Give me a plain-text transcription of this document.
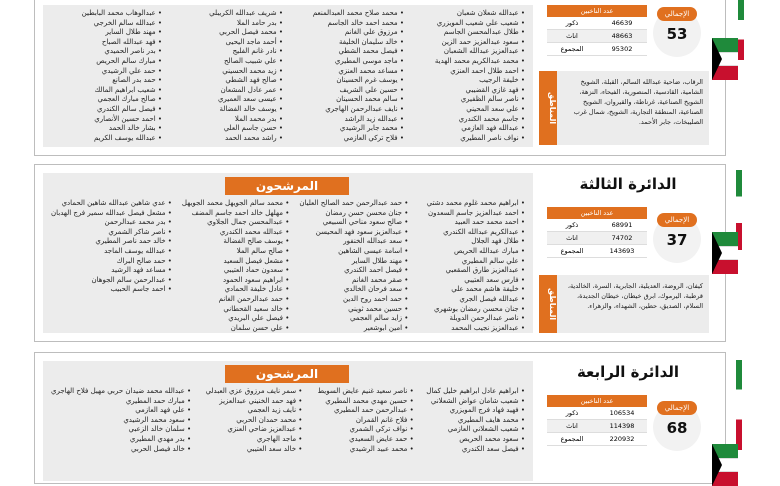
• عبدالله شعلان شعبان
• شعيب علي شعيب المويزري
• طلال عبدالمحسن الجاسم
• سعود عبدالعزيز حمد الزين
• عبدالعزيز عبدالله الشعبان
• محمد عبدالكريم محمد الهدية
• احمد طلال احمد العنزي
• خليفة الرجيب
• فهد غازي القضيبي
• ناصر سالم الظفيري
• علي سعد المحيني
• جاسم محمد الكندري
• عبدالله فهد العازمي
• نواف ناصر المطيري
• محمد صلاح محمد العبدالمنعم
• محمد احمد خالد الجاسم
• مرزوق علي الغانم
• خالد سليمان الخليفة
• فيصل محمد الشطي
• ماجد موسى المطيري
• مساعد محمد العنزي
• يوسف غرم الحسينان
• حسين علي الشريف
• سالم محمد الحسينان
• نايف عبدالرحمن الهاجري
• عبدالله زيد الراشد
• محمد جابر الرشيدي
• فلاح تركي العازمي
• شريف عبدالله الكريبلي
• بدر حامد الملا
• محمد فيصل الحربي
• أحمد ماجد اليحيى
• نادر غانم الفليج
• علي شبيب الصالح
• زيد محمد الحسيني
• صالح فهد الشطي
• عمر عادل المشعان
• عيسى سعد العميري
• يوسف خالد الفضالة
• بدر محمد الملا
• حسن جاسم العلي
• راشد محمد الحمد
• عبدالوهاب محمد البابطين
• عبدالله سالم الخرجي
• مهند طلال الساير
• فهد عبدالله الصباح
• بدر ناصر الحميدي
• مبارك سالم الحريص
• حمد علي الرشيدي
• حمد بدر الصانع
• شعيب ابراهيم المالك
• صالح مبارك العجمي
• فيصل سالم الكندري
• احمد حسين الأنصاري
• بشار خالد الحمد
• عبدالله يوسف الكريم
عدد الناخبين
ذكور	46639
اناث	48663
المجموع	95302
الإجمالي
53
المناطق
الرقاب، ضاحية عبدالله السالم، القبلة، الشويخ الشامية، القادسية، المنصورية، الفيحاء، النزهة، الشويخ الصناعية، غرناطة، والقيروان، الشويخ الصناعية، المنطقة التجارية، الشويخ، شمال غرب الصليبخات، جابر الأحمد.
المرشحون
• ابراهيم محمد غلوم محمد دشتي
• احمد عبدالعزيز جاسم السعدون
• احمد محمد حمد العبيد
• عبدالكريم عبدالله الكندري
• طلال فهد الجلال
• مبارك عبدالله الحريص
• علي سالم المطيري
• عبدالعزيز طارق الصقعبي
• فارس سعد العتيبي
• خليفة هاشم محمد علي
• عبدالله فيصل الجري
• جنان محسن رمضان بوشهري
• ناصر عبدالرحمن الدويلة
• عبدالعزيز نجيب المحمد
• حمد عبدالرحمن حمد الصالح العليان
• جنان محسن حسن رمضان
• صالح سعود مناحي السبيعي
• عبدالعزيز سعود فهد المحيسن
• سعد عبدالله الخنفور
• اسامة عيسى الشاهين
• مهند طلال الساير
• فيصل احمد الكندري
• صقر محمد الغانم
• سعد فرحان الخالدي
• حمد احمد روح الدين
• حسين محمد ثويني
• زايد سالم العجمي
• امين ابوشعير
• محمد سالم الجويهل محمد الجويهل
• مهلهل خالد احمد جاسم المضف
• عبدالمحسن جمال الجلاوي
• عبدالله محمد الكندري
• يوسف صالح الفضالة
• صالح سالم الملا
• مشعل فيصل السعيد
• سعدون حماد العتيبي
• ابراهيم سعود الحمود
• عادل خليفة الحمادي
• حمد عبدالرحمن الغانم
• خالد سعيد القحطاني
• فيصل علي البريدي
• علي حسن سلمان
• عدي شاهين عبدالله شاهين الحمادي
• مشعل فيصل عبدالله سمير فرج الهدبان
• بدر محمد عبدالرحمن
• ناصر شاكر الشمري
• خالد حمد ناصر المطيري
• عبدالله يوسف الماجد
• حمد صالح البراك
• مساعد فهد الرشيد
• عبدالرحمن سالم الجوهان
• احمد جاسم الحبيب
الدائرة الثالثة
عدد الناخبين
ذكور	68991
اناث	74702
المجموع	143693
الإجمالي
37
المناطق
كيفان، الروضة، العديلية، الجابرية، السرة، الخالدية، قرطبة، اليرموك، ابرق خيطان، خيطان الجديدة، السلام، الصديق، حطين، الشهداء، والزهراء.
المرشحون
• ابراهيم عادل ابراهيم خليل كمال
• شعيب شامان عواض الشعلاني
• فهيد فهاد فرج المويزري
• محمد هايف المطيري
• شعيب الشعلاني العازمي
• سعود محمد الحريص
• فيصل سعد الكندري
• ناصر سعيد غنيم عايض السويط
• حسين مهدي محمد المطيري
• عبدالرحمن حمد المطيري
• فلاح غانم القمران
• نواف تركي الشمري
• حمد عايض السعيدي
• محمد عبيد الرشيدي
• سمر نايف مرزوق عزي العبدلي
• فهد حمد الخنيني عبدالعزيز
• نايف زيد العجمي
• محمد حمدان الحربي
• عبدالعزيز ضاحي العنزي
• ماجد الهاجري
• خالد سعد العتيبي
• عبدالله محمد ضيدان حربي مهيل فلاح الهاجري
• مبارك حمد المطيري
• علي فهد العازمي
• سعود محمد الرشيدي
• سلمان خالد الزعبي
• بدر مهدي المطيري
• خالد فيصل الحربي
الدائرة الرابعة
عدد الناخبين
ذكور	106534
اناث	114398
المجموع	220932
الإجمالي
68
